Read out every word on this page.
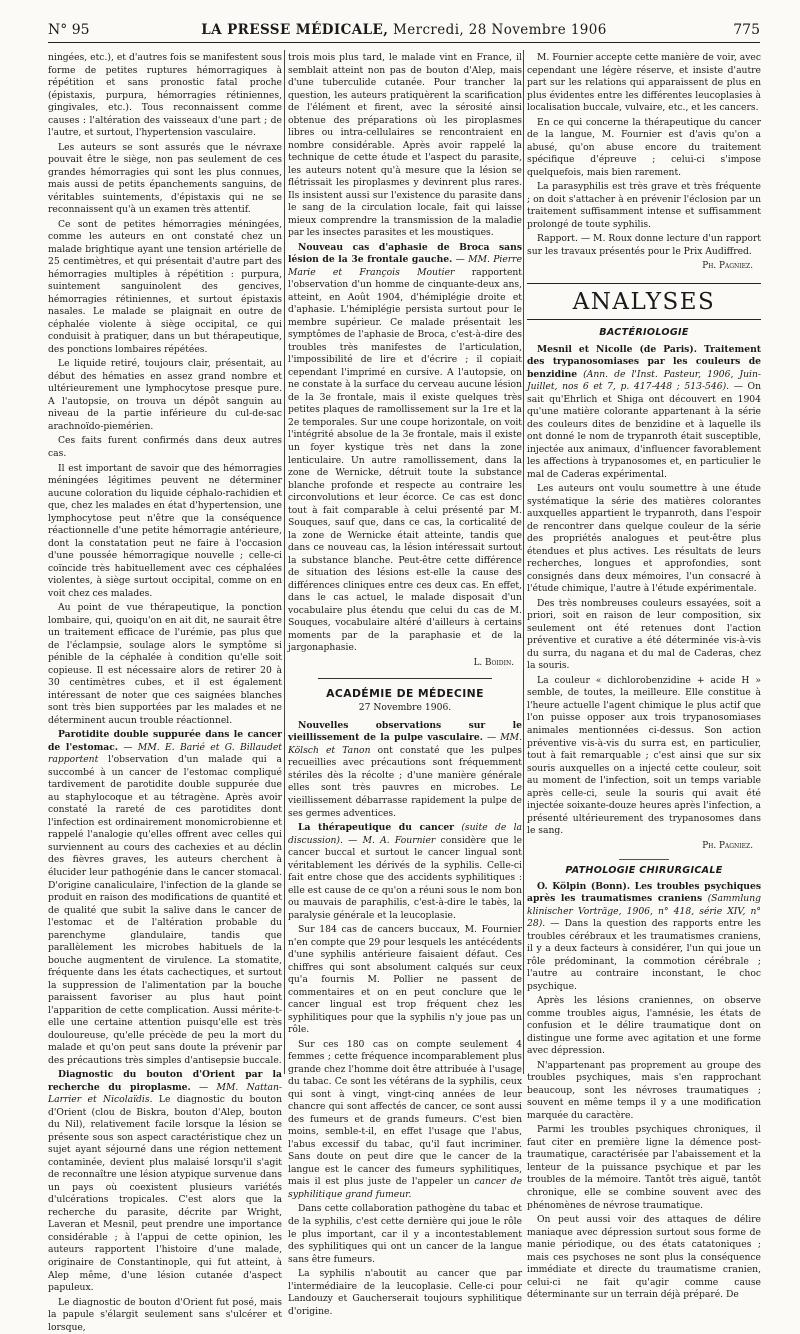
N° 95	LA PRESSE MÉDICALE, Mercredi, 28 Novembre 1906	775

ningées, etc.), et d'autres fois se manifestent sous forme de petites ruptures hémorragiques à répétition et sans pronostic fatal proche (épistaxis, purpura, hémorragies rétiniennes, gingivales, etc.). Tous reconnaissent comme causes : l'altération des vaisseaux d'une part ; de l'autre, et surtout, l'hypertension vasculaire.

Les auteurs se sont assurés que le névraxe pouvait être le siège, non pas seulement de ces grandes hémorragies qui sont les plus connues, mais aussi de petits épanchements sanguins, de véritables suintements, d'épistaxis qui ne se reconnaissent qu'à un examen très attentif.

Ce sont de petites hémorragies méningées, comme les auteurs en ont constaté chez un malade brightique ayant une tension artérielle de 25 centimètres, et qui présentait d'autre part des hémorragies multiples à répétition : purpura, suintement sanguinolent des gencives, hémorragies rétiniennes, et surtout épistaxis nasales. Le malade se plaignait en outre de céphalée violente à siège occipital, ce qui conduisit à pratiquer, dans un but thérapeutique, des ponctions lombaires répétées.

Le liquide retiré, toujours clair, présentait, au début des hématies en assez grand nombre et ultérieurement une lymphocytose presque pure. A l'autopsie, on trouva un dépôt sanguin au niveau de la partie inférieure du cul-de-sac arachnoïdo-piemérien.

Ces faits furent confirmés dans deux autres cas.

Il est important de savoir que des hémorragies méningées légitimes peuvent ne déterminer aucune coloration du liquide céphalo-rachidien et que, chez les malades en état d'hypertension, une lymphocytose peut n'être que la conséquence réactionnelle d'une petite hémorragie antérieure, dont la constatation peut ne faire à l'occasion d'une poussée hémorragique nouvelle ; celle-ci coïncide très habituellement avec ces céphalées violentes, à siège surtout occipital, comme on en voit chez ces malades.

Au point de vue thérapeutique, la ponction lombaire, qui, quoiqu'on en ait dit, ne saurait être un traitement efficace de l'urémie, pas plus que de l'éclampsie, soulage alors le symptôme si pénible de la céphalée à condition qu'elle soit copieuse. Il est nécessaire alors de retirer 20 à 30 centimètres cubes, et il est également intéressant de noter que ces saignées blanches sont très bien supportées par les malades et ne déterminent aucun trouble réactionnel.

Parotidite double suppurée dans le cancer de l'estomac. — MM. E. Barié et G. Billaudet rapportent l'observation d'un malade qui a succombé à un cancer de l'estomac compliqué tardivement de parotidite double suppurée due au staphylocoque et au tétragène. Après avoir constaté la rareté de ces parotidites dont l'infection est ordinairement monomicrobienne et rappelé l'analogie qu'elles offrent avec celles qui surviennent au cours des cachexies et au déclin des fièvres graves, les auteurs cherchent à élucider leur pathogénie dans le cancer stomacal. D'origine canaliculaire, l'infection de la glande se produit en raison des modifications de quantité et de qualité que subit la salive dans le cancer de l'estomac et de l'altération probable du parenchyme glandulaire, tandis que parallèlement les microbes habituels de la bouche augmentent de virulence. La stomatite, fréquente dans les états cachectiques, et surtout la suppression de l'alimentation par la bouche paraissent favoriser au plus haut point l'apparition de cette complication. Aussi mérite-t-elle une certaine attention puisqu'elle est très douloureuse, qu'elle précède de peu la mort du malade et qu'on peut sans doute la prévenir par des précautions très simples d'antisepsie buccale.

Diagnostic du bouton d'Orient par la recherche du piroplasme. — MM. Nattan-Larrier et Nicolaïdis. Le diagnostic du bouton d'Orient (clou de Biskra, bouton d'Alep, bouton du Nil), relativement facile lorsque la lésion se présente sous son aspect caractéristique chez un sujet ayant séjourné dans une région nettement contaminée, devient plus malaisé lorsqu'il s'agit de reconnaître une lésion atypique survenue dans un pays où coexistent plusieurs variétés d'ulcérations tropicales. C'est alors que la recherche du parasite, décrite par Wright, Laveran et Mesnil, peut prendre une importance considérable ; à l'appui de cette opinion, les auteurs rapportent l'histoire d'une malade, originaire de Constantinople, qui fut atteint, à Alep même, d'une lésion cutanée d'aspect papuleux.

Le diagnostic de bouton d'Orient fut posé, mais la papule s'élargit seulement sans s'ulcérer et lorsque,

trois mois plus tard, le malade vint en France, il semblait atteint non pas de bouton d'Alep, mais d'une tuberculide cutanée. Pour trancher la question, les auteurs pratiquèrent la scarification de l'élément et firent, avec la sérosité ainsi obtenue des préparations où les piroplasmes libres ou intra-cellulaires se rencontraient en nombre considérable. Après avoir rappelé la technique de cette étude et l'aspect du parasite, les auteurs notent qu'à mesure que la lésion se flétrissait les piroplasmes y devinrent plus rares. Ils insistent aussi sur l'existence du parasite dans le sang de la circulation locale, fait qui laisse mieux comprendre la transmission de la maladie par les insectes parasites et les moustiques.

Nouveau cas d'aphasie de Broca sans lésion de la 3e frontale gauche. — MM. Pierre Marie et François Moutier rapportent l'observation d'un homme de cinquante-deux ans, atteint, en Août 1904, d'hémiplégie droite et d'aphasie. L'hémiplégie persista surtout pour le membre supérieur. Ce malade présentait les symptômes de l'aphasie de Broca, c'est-à-dire des troubles très manifestes de l'articulation, l'impossibilité de lire et d'écrire ; il copiait cependant l'imprimé en cursive. A l'autopsie, on ne constate à la surface du cerveau aucune lésion de la 3e frontale, mais il existe quelques très petites plaques de ramollissement sur la 1re et la 2e temporales. Sur une coupe horizontale, on voit l'intégrité absolue de la 3e frontale, mais il existe un foyer kystique très net dans la zone lenticulaire. Un autre ramollissement, dans la zone de Wernicke, détruit toute la substance blanche profonde et respecte au contraire les circonvolutions et leur écorce. Ce cas est donc tout à fait comparable à celui présenté par M. Souques, sauf que, dans ce cas, la corticalité de la zone de Wernicke était atteinte, tandis que dans ce nouveau cas, la lésion intéressait surtout la substance blanche. Peut-être cette différence de situation des lésions est-elle la cause des différences cliniques entre ces deux cas. En effet, dans le cas actuel, le malade disposait d'un vocabulaire plus étendu que celui du cas de M. Souques, vocabulaire altéré d'ailleurs à certains moments par de la paraphasie et de la jargonaphasie.

L. Boidin.
ACADÉMIE DE MÉDECINE
27 Novembre 1906.

Nouvelles observations sur le vieillissement de la pulpe vasculaire. — MM. Kölsch et Tanon ont constaté que les pulpes recueillies avec précautions sont fréquemment stériles dès la récolte ; d'une manière générale elles sont très pauvres en microbes. Le vieillissement débarrasse rapidement la pulpe de ses germes adventices.

La thérapeutique du cancer (suite de la discussion). — M. A. Fournier considère que le cancer buccal et surtout le cancer lingual sont véritablement les dérivés de la syphilis. Celle-ci fait entre chose que des accidents syphilitiques : elle est cause de ce qu'on a réuni sous le nom bon ou mauvais de paraphilis, c'est-à-dire le tabès, la paralysie générale et la leucoplasie.

Sur 184 cas de cancers buccaux, M. Fournier n'en compte que 29 pour lesquels les antécédents d'une syphilis antérieure faisaient défaut. Ces chiffres qui sont absolument calqués sur ceux qu'a fournis M. Pollier ne passent de commentaires et on en peut conclure que le cancer lingual est trop fréquent chez les syphilitiques pour que la syphilis n'y joue pas un rôle.

Sur ces 180 cas on compte seulement 4 femmes ; cette fréquence incomparablement plus grande chez l'homme doit être attribuée à l'usage du tabac. Ce sont les vétérans de la syphilis, ceux qui sont à vingt, vingt-cinq années de leur chancre qui sont affectés de cancer, ce sont aussi des fumeurs et de grands fumeurs. C'est bien moins, semble-t-il, en effet l'usage que l'abus, l'abus excessif du tabac, qu'il faut incriminer. Sans doute on peut dire que le cancer de la langue est le cancer des fumeurs syphilitiques, mais il est plus juste de l'appeler un cancer de syphilitique grand fumeur.

Dans cette collaboration pathogène du tabac et de la syphilis, c'est cette dernière qui joue le rôle le plus important, car il y a incontestablement des syphilitiques qui ont un cancer de la langue sans être fumeurs.

La syphilis n'aboutit au cancer que par l'intermédiaire de la leucoplasie. Celle-ci pour Landouzy et Gaucherserait toujours syphilitique d'origine.

M. Fournier accepte cette manière de voir, avec cependant une légère réserve, et insiste d'autre part sur les relations qui apparaissent de plus en plus évidentes entre les différentes leucoplasies à localisation buccale, vulvaire, etc., et les cancers.

En ce qui concerne la thérapeutique du cancer de la langue, M. Fournier est d'avis qu'on a abusé, qu'on abuse encore du traitement spécifique d'épreuve ; celui-ci s'impose quelquefois, mais bien rarement.

La parasyphilis est très grave et très fréquente ; on doit s'attacher à en prévenir l'éclosion par un traitement suffisamment intense et suffisamment prolongé de toute syphilis.

Rapport. — M. Roux donne lecture d'un rapport sur les travaux présentés pour le Prix Audiffred.

Ph. Pagniez.
ANALYSES
BACTÉRIOLOGIE

Mesnil et Nicolle (de Paris). Traitement des trypanosomiases par les couleurs de benzidine (Ann. de l'Inst. Pasteur, 1906, Juin-Juillet, nos 6 et 7, p. 417-448 ; 513-546). — On sait qu'Ehrlich et Shiga ont découvert en 1904 qu'une matière colorante appartenant à la série des couleurs dites de benzidine et à laquelle ils ont donné le nom de trypanroth était susceptible, injectée aux animaux, d'influencer favorablement les affections à trypanosomes et, en particulier le mal de Caderas expérimental.

Les auteurs ont voulu soumettre à une étude systématique la série des matières colorantes auxquelles appartient le trypanroth, dans l'espoir de rencontrer dans quelque couleur de la série des propriétés analogues et peut-être plus étendues et plus actives. Les résultats de leurs recherches, longues et approfondies, sont consignés dans deux mémoires, l'un consacré à l'étude chimique, l'autre à l'étude expérimentale.

Des très nombreuses couleurs essayées, soit a priori, soit en raison de leur composition, six seulement ont été retenues dont l'action préventive et curative a été déterminée vis-à-vis du surra, du nagana et du mal de Caderas, chez la souris.

La couleur « dichlorobenzidine + acide H » semble, de toutes, la meilleure. Elle constitue à l'heure actuelle l'agent chimique le plus actif que l'on puisse opposer aux trois trypanosomiases animales mentionnées ci-dessus. Son action préventive vis-à-vis du surra est, en particulier, tout à fait remarquable ; c'est ainsi que sur six souris auxquelles on a injecté cette couleur, soit au moment de l'infection, soit un temps variable après celle-ci, seule la souris qui avait été injectée soixante-douze heures après l'infection, a présenté ultérieurement des trypanosomes dans le sang.

Ph. Pagniez.
PATHOLOGIE CHIRURGICALE

O. Kölpin (Bonn). Les troubles psychiques après les traumatismes craniens (Sammlung klinischer Vorträge, 1906, n° 418, série XIV, n° 28). — Dans la question des rapports entre les troubles cérébraux et les traumatismes craniens, il y a deux facteurs à considérer, l'un qui joue un rôle prédominant, la commotion cérébrale ; l'autre au contraire inconstant, le choc psychique.

Après les lésions craniennes, on observe comme troubles aigus, l'amnésie, les états de confusion et le délire traumatique dont on distingue une forme avec agitation et une forme avec dépression.

N'appartenant pas proprement au groupe des troubles psychiques, mais s'en rapprochant beaucoup, sont les névroses traumatiques ; souvent en même temps il y a une modification marquée du caractère.

Parmi les troubles psychiques chroniques, il faut citer en première ligne la démence post-traumatique, caractérisée par l'abaissement et la lenteur de la puissance psychique et par les troubles de la mémoire. Tantôt très aiguë, tantôt chronique, elle se combine souvent avec des phénomènes de névrose traumatique.

On peut aussi voir des attaques de délire maniaque avec dépression surtout sous forme de manie périodique, ou des états catatoniques ; mais ces psychoses ne sont plus la conséquence immédiate et directe du traumatisme cranien, celui-ci ne fait qu'agir comme cause déterminante sur un terrain déjà préparé. De
